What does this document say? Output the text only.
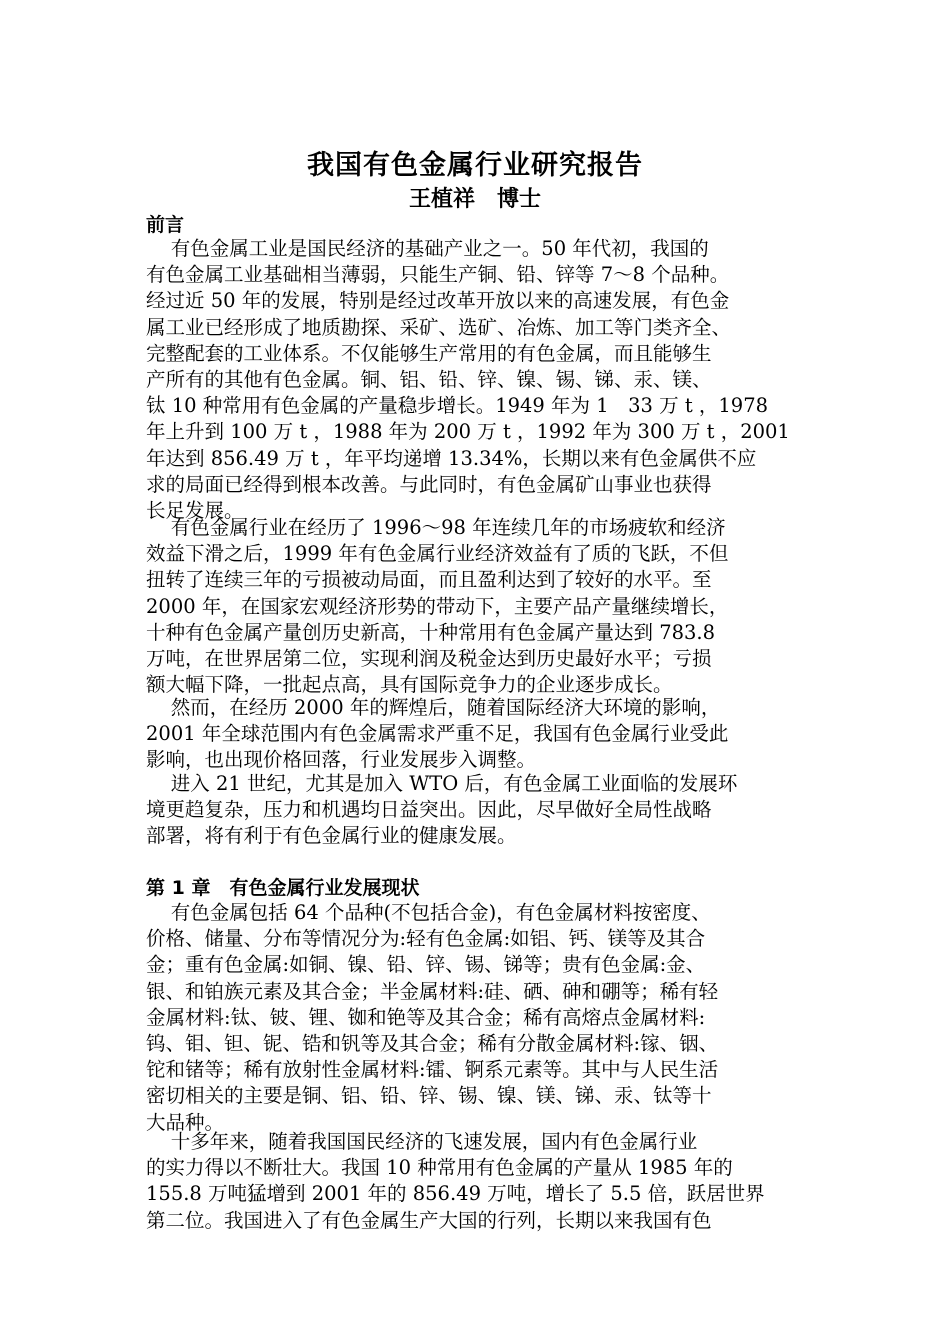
我国有色金属行业研究报告
王植祥　博士
前言
有色金属工业是国民经济的基础产业之一。50 年代初，我国的
有色金属工业基础相当薄弱，只能生产铜、铅、锌等 7～8 个品种。
经过近 50 年的发展，特别是经过改革开放以来的高速发展，有色金
属工业已经形成了地质勘探、采矿、选矿、冶炼、加工等门类齐全、
完整配套的工业体系。不仅能够生产常用的有色金属，而且能够生
产所有的其他有色金属。铜、铝、铅、锌、镍、锡、锑、汞、镁、
钛 10 种常用有色金属的产量稳步增长。1949 年为 1　33 万 t ，1978
年上升到 100 万 t ，1988 年为 200 万 t ，1992 年为 300 万 t ，2001
年达到 856.49 万 t ，年平均递增 13.34%，长期以来有色金属供不应
求的局面已经得到根本改善。与此同时，有色金属矿山事业也获得
长足发展。
有色金属行业在经历了 1996～98 年连续几年的市场疲软和经济
效益下滑之后，1999 年有色金属行业经济效益有了质的飞跃，不但
扭转了连续三年的亏损被动局面，而且盈利达到了较好的水平。至
2000 年，在国家宏观经济形势的带动下，主要产品产量继续增长，
十种有色金属产量创历史新高，十种常用有色金属产量达到 783.8
万吨，在世界居第二位，实现利润及税金达到历史最好水平；亏损
额大幅下降，一批起点高，具有国际竞争力的企业逐步成长。
然而，在经历 2000 年的辉煌后，随着国际经济大环境的影响，
2001 年全球范围内有色金属需求严重不足，我国有色金属行业受此
影响，也出现价格回落，行业发展步入调整。
进入 21 世纪，尤其是加入 WTO 后，有色金属工业面临的发展环
境更趋复杂，压力和机遇均日益突出。因此，尽早做好全局性战略
部署，将有利于有色金属行业的健康发展。
第 1 章　有色金属行业发展现状
有色金属包括 64 个品种(不包括合金)，有色金属材料按密度、
价格、储量、分布等情况分为:轻有色金属:如铝、钙、镁等及其合
金；重有色金属:如铜、镍、铅、锌、锡、锑等；贵有色金属:金、
银、和铂族元素及其合金；半金属材料:硅、硒、砷和硼等；稀有轻
金属材料:钛、铍、锂、铷和铯等及其合金；稀有高熔点金属材料:
钨、钼、钽、铌、锆和钒等及其合金；稀有分散金属材料:镓、铟、
铊和锗等；稀有放射性金属材料:镭、锕系元素等。其中与人民生活
密切相关的主要是铜、铝、铅、锌、锡、镍、镁、锑、汞、钛等十
大品种。
十多年来，随着我国国民经济的飞速发展，国内有色金属行业
的实力得以不断壮大。我国 10 种常用有色金属的产量从 1985 年的
155.8 万吨猛增到 2001 年的 856.49 万吨，增长了 5.5 倍，跃居世界
第二位。我国进入了有色金属生产大国的行列，长期以来我国有色
